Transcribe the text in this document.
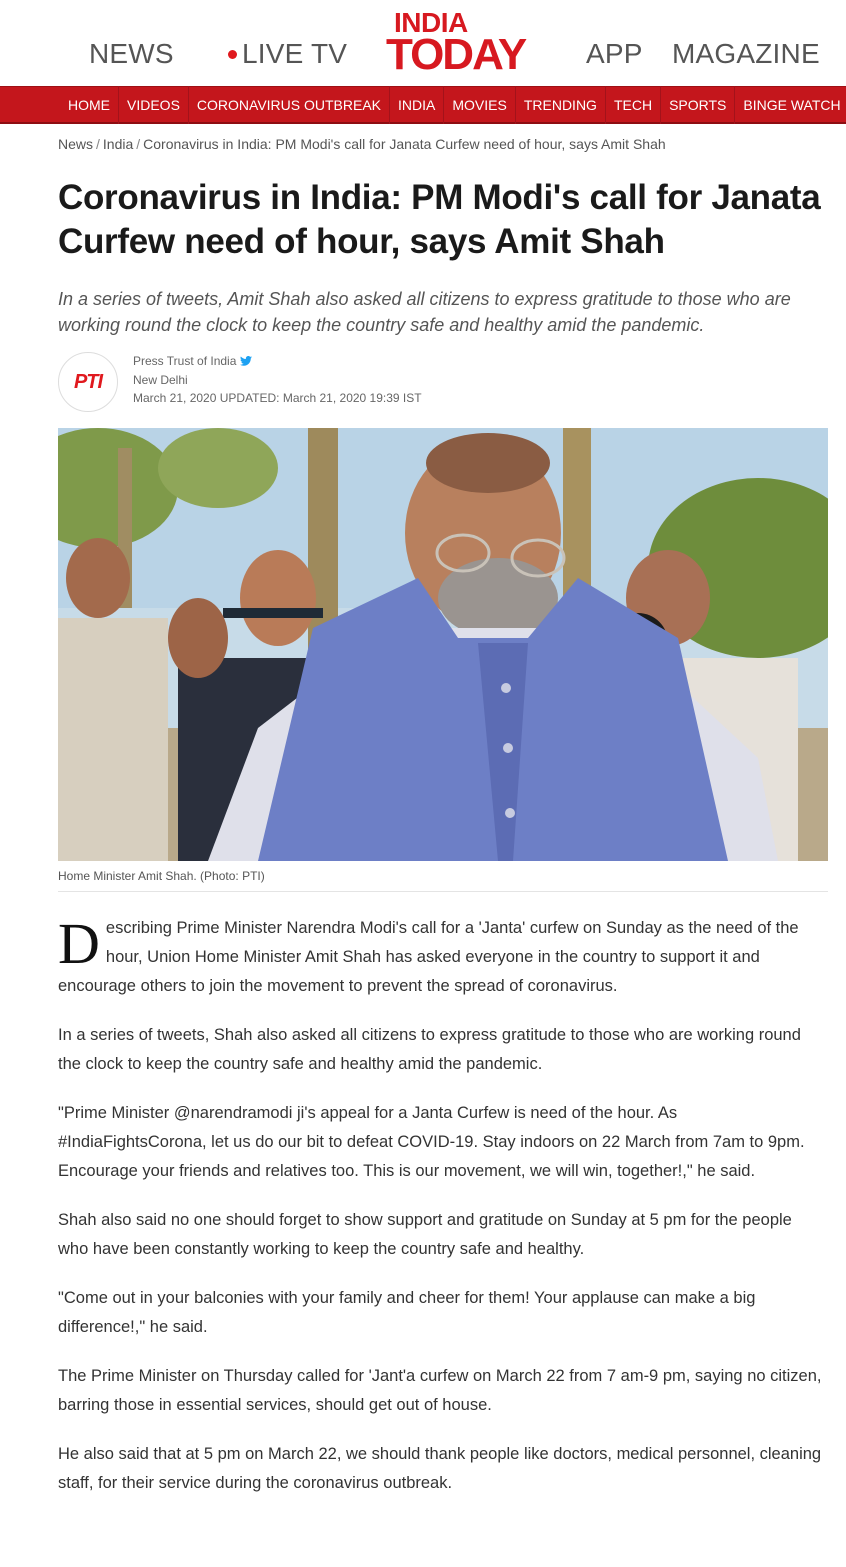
NEWS LIVE TV
INDIA
TODAY APP MAGAZINE
HOME	VIDEOS	CORONAVIRUS OUTBREAK	INDIA	MOVIES	TRENDING	TECH	SPORTS	BINGE WATCH
News / India / Coronavirus in India: PM Modi's call for Janata Curfew need of hour, says Amit Shah
Coronavirus in India: PM Modi's call for Janata Curfew need of hour, says Amit Shah

In a series of tweets, Amit Shah also asked all citizens to express gratitude to those who are working round the clock to keep the country safe and healthy amid the pandemic.

PTI
Press Trust of India
New Delhi
March 21, 2020 UPDATED: March 21, 2020 19:39 IST
Home Minister Amit Shah. (Photo: PTI)

Describing Prime Minister Narendra Modi's call for a 'Janta' curfew on Sunday as the need of the hour, Union Home Minister Amit Shah has asked everyone in the country to support it and encourage others to join the movement to prevent the spread of coronavirus.

In a series of tweets, Shah also asked all citizens to express gratitude to those who are working round the clock to keep the country safe and healthy amid the pandemic.

"Prime Minister @narendramodi ji's appeal for a Janta Curfew is need of the hour. As #IndiaFightsCorona, let us do our bit to defeat COVID-19. Stay indoors on 22 March from 7am to 9pm. Encourage your friends and relatives too. This is our movement, we will win, together!," he said.

Shah also said no one should forget to show support and gratitude on Sunday at 5 pm for the people who have been constantly working to keep the country safe and healthy.

"Come out in your balconies with your family and cheer for them! Your applause can make a big difference!," he said.

The Prime Minister on Thursday called for 'Jant'a curfew on March 22 from 7 am-9 pm, saying no citizen, barring those in essential services, should get out of house.

He also said that at 5 pm on March 22, we should thank people like doctors, medical personnel, cleaning staff, for their service during the coronavirus outbreak.
